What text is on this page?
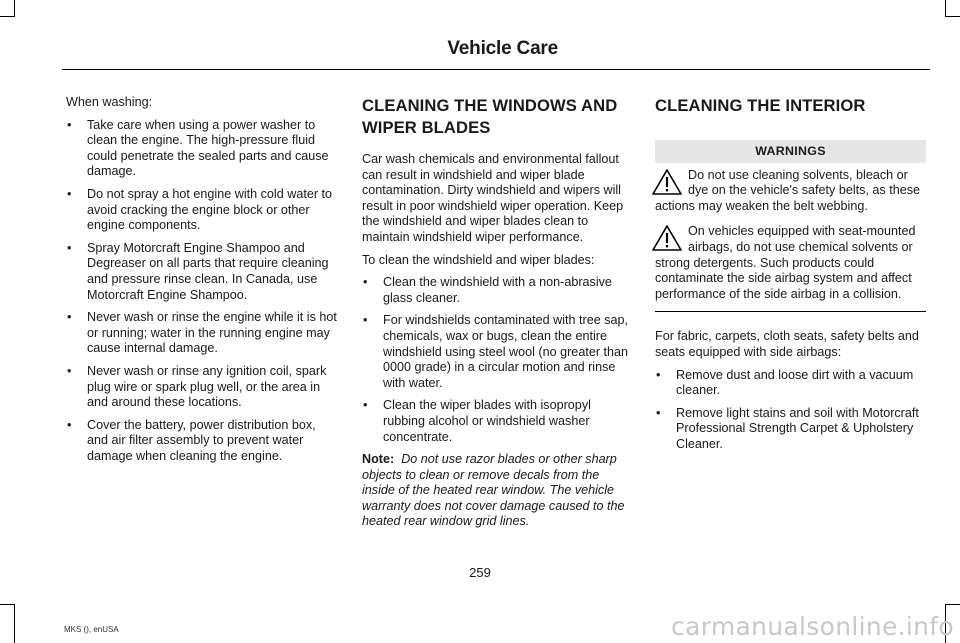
Vehicle Care

When washing:

• Take care when using a power washer to clean the engine. The high-pressure fluid could penetrate the sealed parts and cause damage.
• Do not spray a hot engine with cold water to avoid cracking the engine block or other engine components.
• Spray Motorcraft Engine Shampoo and Degreaser on all parts that require cleaning and pressure rinse clean. In Canada, use Motorcraft Engine Shampoo.
• Never wash or rinse the engine while it is hot or running; water in the running engine may cause internal damage.
• Never wash or rinse any ignition coil, spark plug wire or spark plug well, or the area in and around these locations.
• Cover the battery, power distribution box, and air filter assembly to prevent water damage when cleaning the engine.
CLEANING THE WINDOWS AND WIPER BLADES

Car wash chemicals and environmental fallout can result in windshield and wiper blade contamination. Dirty windshield and wipers will result in poor windshield wiper operation. Keep the windshield and wiper blades clean to maintain windshield wiper performance.

To clean the windshield and wiper blades:

• Clean the windshield with a non-abrasive glass cleaner.
• For windshields contaminated with tree sap, chemicals, wax or bugs, clean the entire windshield using steel wool (no greater than 0000 grade) in a circular motion and rinse with water.
• Clean the wiper blades with isopropyl rubbing alcohol or windshield washer concentrate.

Note: Do not use razor blades or other sharp objects to clean or remove decals from the inside of the heated rear window. The vehicle warranty does not cover damage caused to the heated rear window grid lines.

CLEANING THE INTERIOR
WARNINGS
Do not use cleaning solvents, bleach or dye on the vehicle's safety belts, as these actions may weaken the belt webbing.
On vehicles equipped with seat-mounted airbags, do not use chemical solvents or strong detergents. Such products could contaminate the side airbag system and affect performance of the side airbag in a collision.

For fabric, carpets, cloth seats, safety belts and seats equipped with side airbags:

• Remove dust and loose dirt with a vacuum cleaner.
• Remove light stains and soil with Motorcraft Professional Strength Carpet & Upholstery Cleaner.
259
MKS (), enUSA	carmanualsonline.info
